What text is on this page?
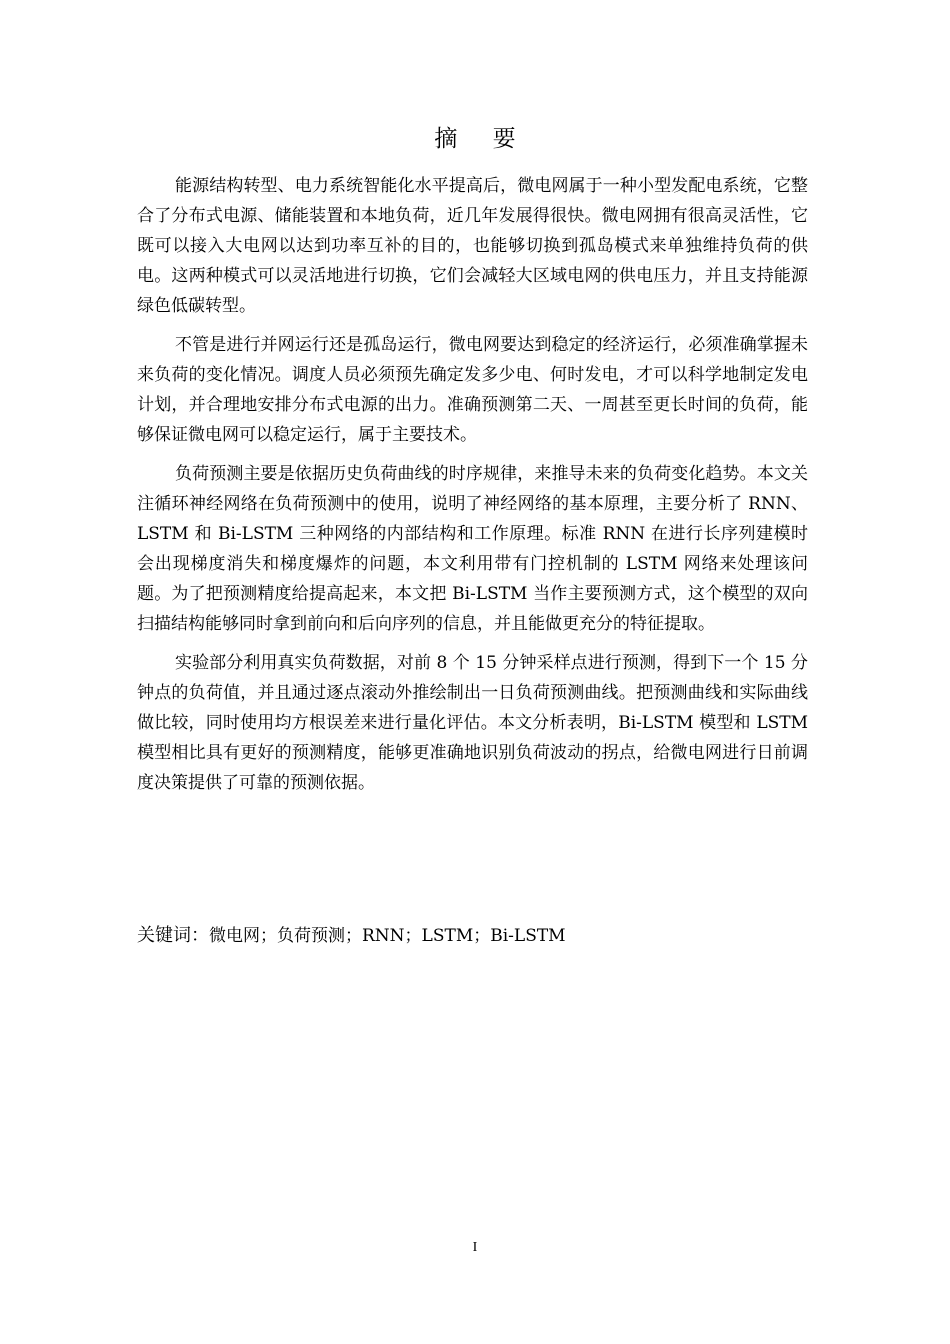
摘 要

能源结构转型、电力系统智能化水平提高后，微电网属于一种小型发配电系统，它整合了分布式电源、储能装置和本地负荷，近几年发展得很快。微电网拥有很高灵活性，它既可以接入大电网以达到功率互补的目的，也能够切换到孤岛模式来单独维持负荷的供电。这两种模式可以灵活地进行切换，它们会减轻大区域电网的供电压力，并且支持能源绿色低碳转型。

不管是进行并网运行还是孤岛运行，微电网要达到稳定的经济运行，必须准确掌握未来负荷的变化情况。调度人员必须预先确定发多少电、何时发电，才可以科学地制定发电计划，并合理地安排分布式电源的出力。准确预测第二天、一周甚至更长时间的负荷，能够保证微电网可以稳定运行，属于主要技术。

负荷预测主要是依据历史负荷曲线的时序规律，来推导未来的负荷变化趋势。本文关注循环神经网络在负荷预测中的使用，说明了神经网络的基本原理，主要分析了 RNN、LSTM 和 Bi-LSTM 三种网络的内部结构和工作原理。标准 RNN 在进行长序列建模时会出现梯度消失和梯度爆炸的问题，本文利用带有门控机制的 LSTM 网络来处理该问题。为了把预测精度给提高起来，本文把 Bi-LSTM 当作主要预测方式，这个模型的双向扫描结构能够同时拿到前向和后向序列的信息，并且能做更充分的特征提取。

实验部分利用真实负荷数据，对前 8 个 15 分钟采样点进行预测，得到下一个 15 分钟点的负荷值，并且通过逐点滚动外推绘制出一日负荷预测曲线。把预测曲线和实际曲线做比较，同时使用均方根误差来进行量化评估。本文分析表明，Bi-LSTM 模型和 LSTM 模型相比具有更好的预测精度，能够更准确地识别负荷波动的拐点，给微电网进行日前调度决策提供了可靠的预测依据。

关键词：微电网；负荷预测；RNN；LSTM；Bi-LSTM
I
